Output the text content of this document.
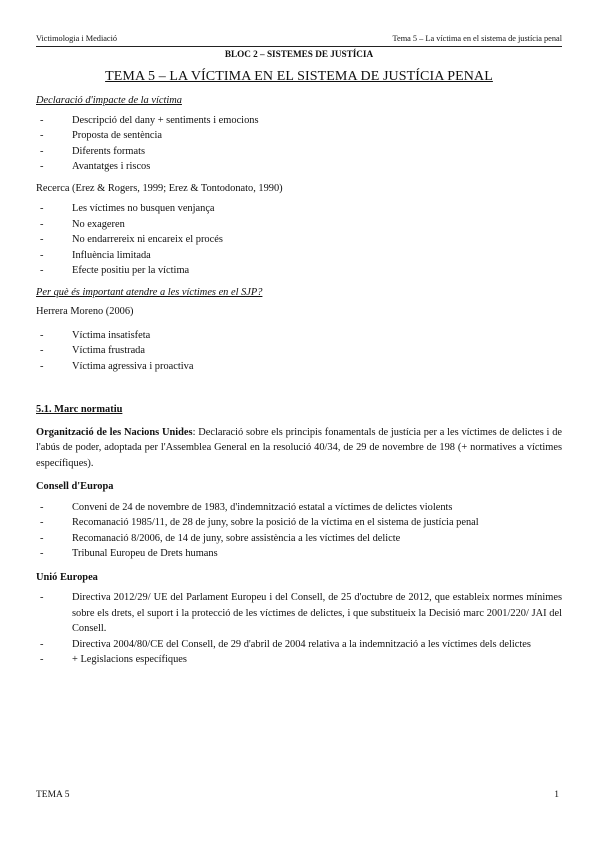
Victimologia i Mediació	Tema 5 – La víctima en el sistema de justícia penal
BLOC 2 – SISTEMES DE JUSTÍCIA
TEMA 5 – LA VÍCTIMA EN EL SISTEMA DE JUSTÍCIA PENAL
Declaració d'impacte de la víctima
- Descripció del dany + sentiments i emocions
- Proposta de sentència
- Diferents formats
- Avantatges i riscos

Recerca (Erez & Rogers, 1999; Erez & Tontodonato, 1990)

- Les víctimes no busquen venjança
- No exageren
- No endarrereix ni encareix el procés
- Influència limitada
- Efecte positiu per la víctima
Per què és important atendre a les víctimes en el SJP?

Herrera Moreno (2006)

- Víctima insatisfeta
- Víctima frustrada
- Víctima agressiva i proactiva
5.1. Marc normatiu

Organització de les Nacions Unides: Declaració sobre els principis fonamentals de justícia per a les víctimes de delictes i de l'abús de poder, adoptada per l'Assemblea General en la resolució 40/34, de 29 de novembre de 198 (+ normatives a víctimes específiques).

Consell d'Europa
- Conveni de 24 de novembre de 1983, d'indemnització estatal a víctimes de delictes violents
- Recomanació 1985/11, de 28 de juny, sobre la posició de la víctima en el sistema de justícia penal
- Recomanació 8/2006, de 14 de juny, sobre assistència a les víctimes del delicte
- Tribunal Europeu de Drets humans
Unió Europea
- Directiva 2012/29/ UE del Parlament Europeu i del Consell, de 25 d'octubre de 2012, que estableix normes mínimes sobre els drets, el suport i la protecció de les víctimes de delictes, i que substitueix la Decisió marc 2001/220/ JAI del Consell.
- Directiva 2004/80/CE del Consell, de 29 d'abril de 2004 relativa a la indemnització a les víctimes dels delictes
- + Legislacions específiques
TEMA 5	1
